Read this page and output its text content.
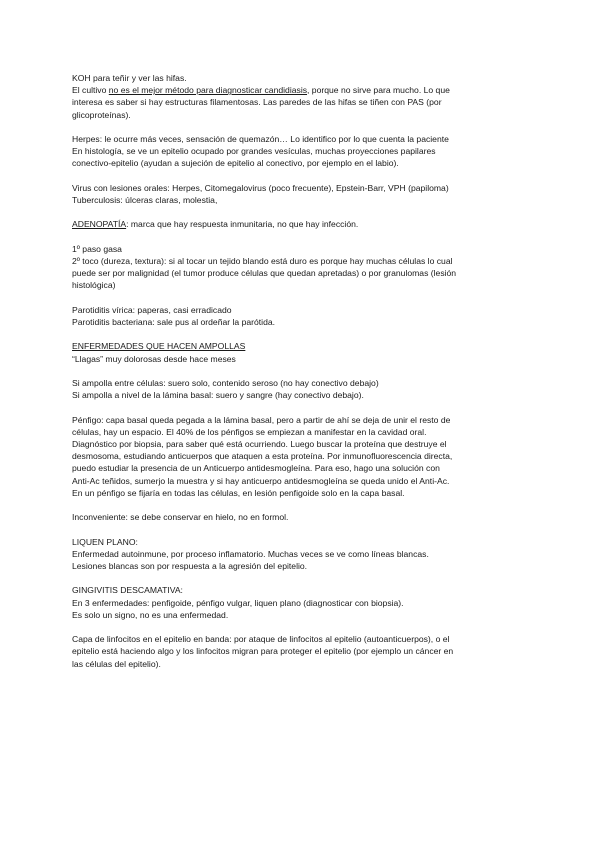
KOH para teñir y ver las hifas.
El cultivo no es el mejor método para diagnosticar candidiasis, porque no sirve para mucho. Lo que
interesa es saber si hay estructuras filamentosas. Las paredes de las hifas se tiñen con PAS (por
glicoproteínas).
Herpes: le ocurre más veces, sensación de quemazón… Lo identifico por lo que cuenta la paciente
En histología, se ve un epitelio ocupado por grandes vesículas, muchas proyecciones papilares
conectivo-epitelio (ayudan a sujeción de epitelio al conectivo, por ejemplo en el labio).
Virus con lesiones orales: Herpes, Citomegalovirus (poco frecuente), Epstein-Barr, VPH (papiloma)
Tuberculosis: úlceras claras, molestia,
ADENOPATÍA: marca que hay respuesta inmunitaria, no que hay infección.
1º paso gasa
2º toco (dureza, textura): si al tocar un tejido blando está duro es porque hay muchas células lo cual
puede ser por malignidad (el tumor produce células que quedan apretadas) o por granulomas (lesión
histológica)
Parotiditis vírica: paperas, casi erradicado
Parotiditis bacteriana: sale pus al ordeñar la parótida.
ENFERMEDADES QUE HACEN AMPOLLAS
“Llagas” muy dolorosas desde hace meses
Si ampolla entre células: suero solo, contenido seroso (no hay conectivo debajo)
Si ampolla a nivel de la lámina basal: suero y sangre (hay conectivo debajo).
Pénfigo: capa basal queda pegada a la lámina basal, pero a partir de ahí se deja de unir el resto de
células, hay un espacio. El 40% de los pénfigos se empiezan a manifestar en la cavidad oral.
Diagnóstico por biopsia, para saber qué está ocurriendo. Luego buscar la proteína que destruye el
desmosoma, estudiando anticuerpos que ataquen a esta proteína. Por inmunofluorescencia directa,
puedo estudiar la presencia de un Anticuerpo antidesmogleína. Para eso, hago una solución con
Anti-Ac teñidos, sumerjo la muestra y si hay anticuerpo antidesmogleína se queda unido el Anti-Ac.
En un pénfigo se fijaría en todas las células, en lesión penfigoide solo en la capa basal.
Inconveniente: se debe conservar en hielo, no en formol.
LIQUEN PLANO:
Enfermedad autoinmune, por proceso inflamatorio. Muchas veces se ve como líneas blancas.
Lesiones blancas son por respuesta a la agresión del epitelio.
GINGIVITIS DESCAMATIVA:
En 3 enfermedades: penfigoide, pénfigo vulgar, liquen plano (diagnosticar con biopsia).
Es solo un signo, no es una enfermedad.
Capa de linfocitos en el epitelio en banda: por ataque de linfocitos al epitelio (autoanticuerpos), o el
epitelio está haciendo algo y los linfocitos migran para proteger el epitelio (por ejemplo un cáncer en
las células del epitelio).
